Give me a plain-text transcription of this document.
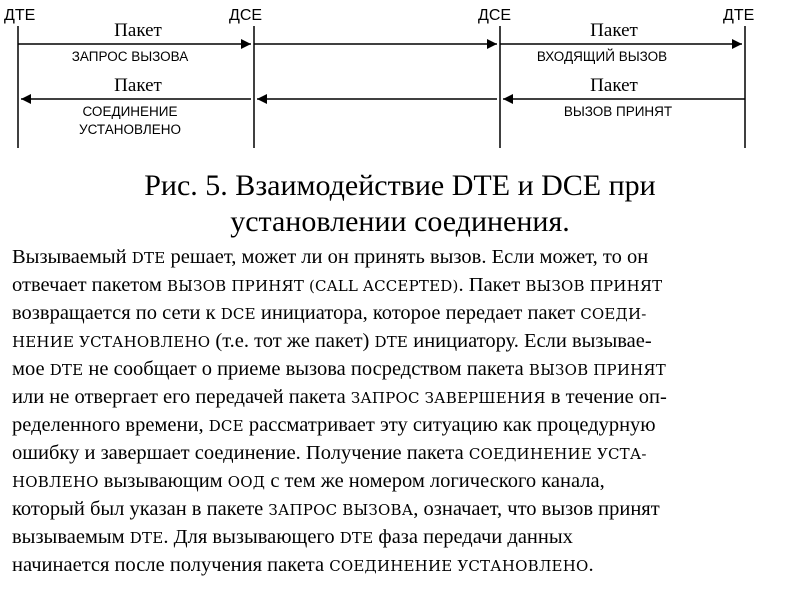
ДТЕ	ДСЕ	ДСЕ	ДТЕ
Пакет
ЗАПРОС ВЫЗОВА
Пакет
ВХОДЯЩИЙ ВЫЗОВ
Пакет
СОЕДИНЕНИЕ
УСТАНОВЛЕНО
Пакет
ВЫЗОВ ПРИНЯТ

Рис. 5. Взаимодействие DTE и DCE при

установлении соединения.

Вызываемый DTE решает, может ли он принять вызов. Если может, то он
отвечает пакетом ВЫЗОВ ПРИНЯТ (CALL ACCEPTED). Пакет ВЫЗОВ ПРИНЯТ
возвращается по сети к DCE инициатора, которое передает пакет СОЕДИ-
НЕНИЕ УСТАНОВЛЕНО (т.е. тот же пакет) DTE инициатору. Если вызывае-
мое DTE не сообщает о приеме вызова посредством пакета ВЫЗОВ ПРИНЯТ
или не отвергает его передачей пакета ЗАПРОС ЗАВЕРШЕНИЯ в течение оп-
ределенного времени, DCE рассматривает эту ситуацию как процедурную
ошибку и завершает соединение. Получение пакета СОЕДИНЕНИЕ УСТА-
НОВЛЕНО вызывающим ООД с тем же номером логического канала,
который был указан в пакете ЗАПРОС ВЫЗОВА, означает, что вызов принят
вызываемым DTE. Для вызывающего DTE фаза передачи данных
начинается после получения пакета СОЕДИНЕНИЕ УСТАНОВЛЕНО.
